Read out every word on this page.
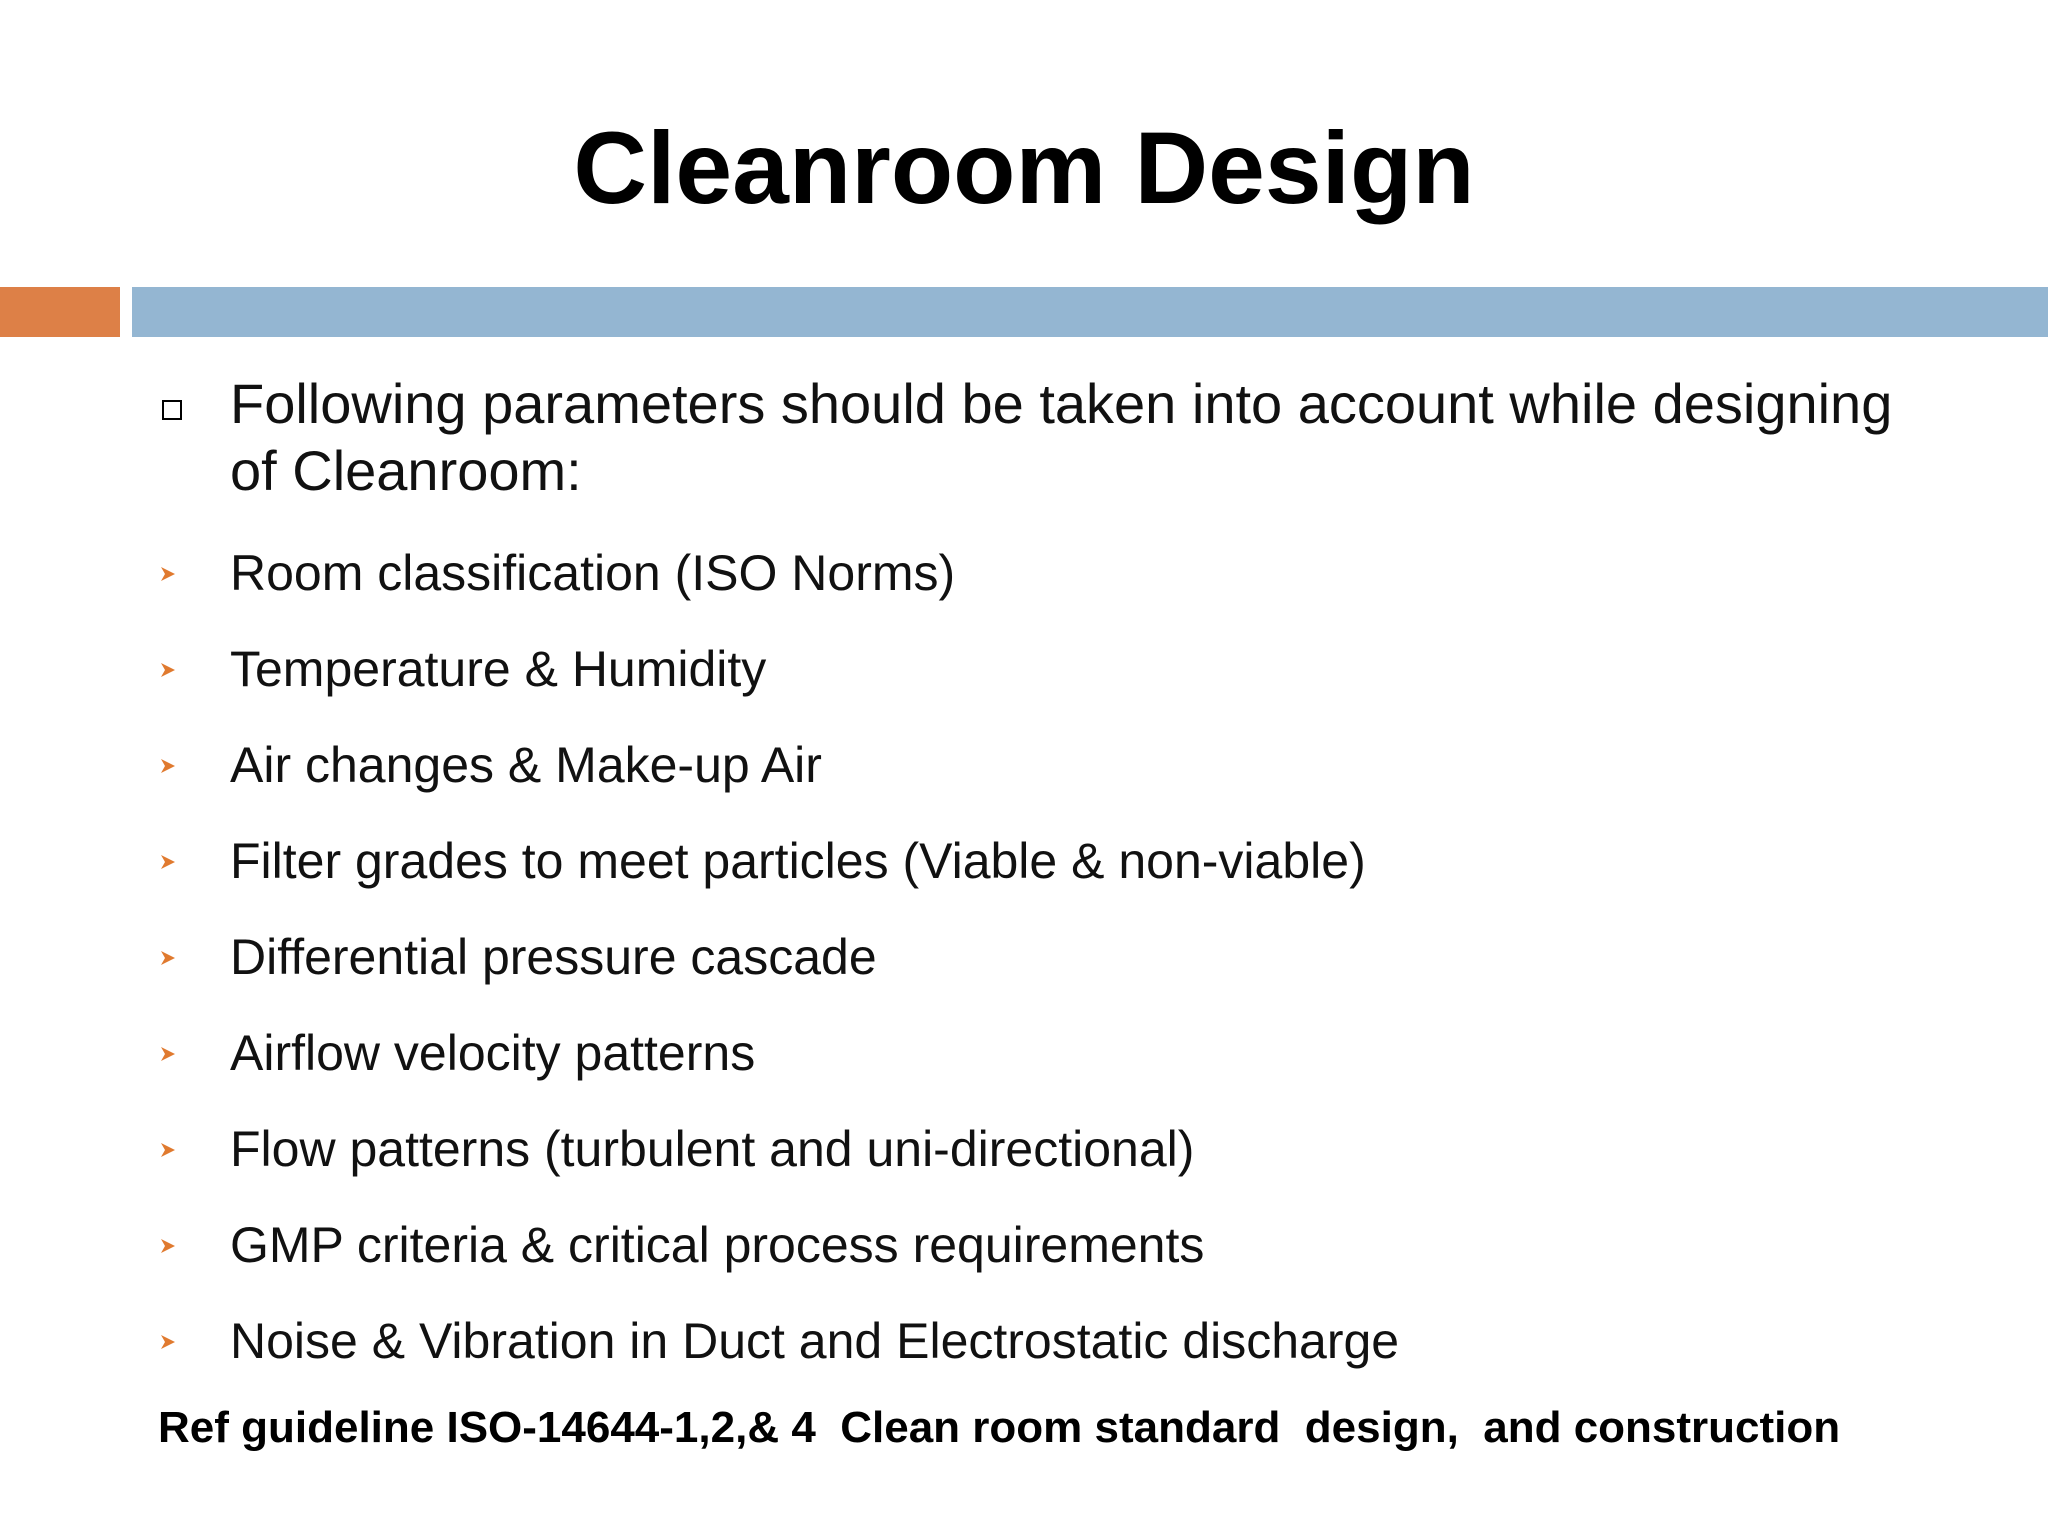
Cleanroom Design
Following parameters should be taken into account while designing of Cleanroom:
Room classification (ISO Norms)
Temperature & Humidity
Air changes & Make-up Air
Filter grades to meet particles (Viable & non-viable)
Differential pressure cascade
Airflow velocity patterns
Flow patterns (turbulent and uni-directional)
GMP criteria & critical process requirements
Noise & Vibration in Duct and Electrostatic discharge
Ref guideline ISO-14644-1,2,& 4  Clean room standard  design,  and construction
